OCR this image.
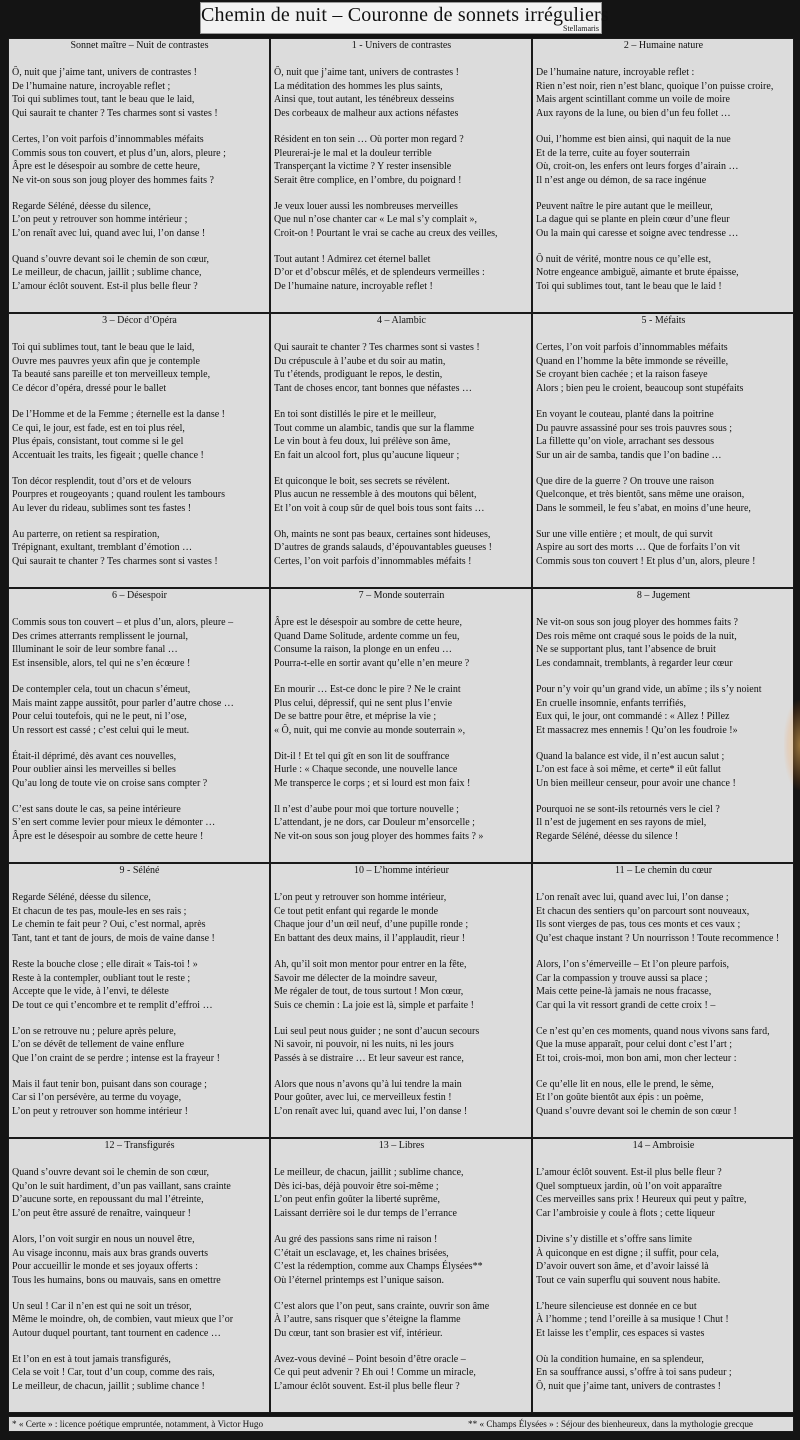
Chemin de nuit – Couronne de sonnets irréguliers
Stellamaris
Sonnet maître – Nuit de contrastes
Ô, nuit que j’aime tant, univers de contrastes !
De l’humaine nature, incroyable reflet ;
Toi qui sublimes tout, tant le beau que le laid,
Qui saurait te chanter ? Tes charmes sont si vastes !
Certes, l’on voit parfois d’innommables méfaits
Commis sous ton couvert, et plus d’un, alors, pleure ;
Âpre est le désespoir au sombre de cette heure,
Ne vit-on sous son joug ployer des hommes faits ?
Regarde Séléné, déesse du silence,
L’on peut y retrouver son homme intérieur ;
L’on renaît avec lui, quand avec lui, l’on danse !
Quand s’ouvre devant soi le chemin de son cœur,
Le meilleur, de chacun, jaillit ; sublime chance,
L’amour éclôt souvent. Est-il plus belle fleur ?
1 - Univers de contrastes
Ô, nuit que j’aime tant, univers de contrastes !
La méditation des hommes les plus saints,
Ainsi que, tout autant, les ténébreux desseins
Des corbeaux de malheur aux actions néfastes
Résident en ton sein … Où porter mon regard ?
Pleurerai-je le mal et la douleur terrible
Transperçant la victime ? Y rester insensible
Serait être complice, en l’ombre, du poignard !
Je veux louer aussi les nombreuses merveilles
Que nul n’ose chanter car « Le mal s’y complait »,
Croit-on ! Pourtant le vrai se cache au creux des veilles,
Tout autant ! Admirez cet éternel ballet
D’or et d’obscur mêlés, et de splendeurs vermeilles :
De l’humaine nature, incroyable reflet !
2 – Humaine nature
De l’humaine nature, incroyable reflet :
Rien n’est noir, rien n’est blanc, quoique l’on puisse croire,
Mais argent scintillant comme un voile de moire
Aux rayons de la lune, ou bien d’un feu follet …
Oui, l’homme est bien ainsi, qui naquit de la nue
Et de la terre, cuite au foyer souterrain
Où, croit-on, les enfers ont leurs forges d’airain …
Il n’est ange ou démon, de sa race ingénue
Peuvent naître le pire autant que le meilleur,
La dague qui se plante en plein cœur d’une fleur
Ou la main qui caresse et soigne avec tendresse …
Ô nuit de vérité, montre nous ce qu’elle est,
Notre engeance ambiguë, aimante et brute épaisse,
Toi qui sublimes tout, tant le beau que le laid !
3 – Décor d’Opéra
Toi qui sublimes tout, tant le beau que le laid,
Ouvre mes pauvres yeux afin que je contemple
Ta beauté sans pareille et ton merveilleux temple,
Ce décor d’opéra, dressé pour le ballet
De l’Homme et de la Femme ; éternelle est la danse !
Ce qui, le jour, est fade, est en toi plus réel,
Plus épais, consistant, tout comme si le gel
Accentuait les traits, les figeait ; quelle chance !
Ton décor resplendit, tout d’ors et de velours
Pourpres et rougeoyants ; quand roulent les tambours
Au lever du rideau, sublimes sont tes fastes !
Au parterre, on retient sa respiration,
Trépignant, exultant, tremblant d’émotion …
Qui saurait te chanter ? Tes charmes sont si vastes !
4 – Alambic
Qui saurait te chanter ? Tes charmes sont si vastes !
Du crépuscule à l’aube et du soir au matin,
Tu t’étends, prodiguant le repos, le destin,
Tant de choses encor, tant bonnes que néfastes …
En toi sont distillés le pire et le meilleur,
Tout comme un alambic, tandis que sur la flamme
Le vin bout à feu doux, lui prélève son âme,
En fait un alcool fort, plus qu’aucune liqueur ;
Et quiconque le boit, ses secrets se révèlent.
Plus aucun ne ressemble à des moutons qui bêlent,
Et l’on voit à coup sûr de quel bois tous sont faits …
Oh, maints ne sont pas beaux, certaines sont hideuses,
D’autres de grands salauds, d’épouvantables gueuses !
Certes, l’on voit parfois d’innommables méfaits !
5 - Méfaits
Certes, l’on voit parfois d’innommables méfaits
Quand en l’homme la bête immonde se réveille,
Se croyant bien cachée ; et la raison faseye
Alors ; bien peu le croient, beaucoup sont stupéfaits
En voyant le couteau, planté dans la poitrine
Du pauvre assassiné pour ses trois pauvres sous ;
La fillette qu’on viole, arrachant ses dessous
Sur un air de samba, tandis que l’on badine …
Que dire de la guerre ? On trouve une raison
Quelconque, et très bientôt, sans même une oraison,
Dans le sommeil, le feu s’abat, en moins d’une heure,
Sur une ville entière ; et moult, de qui survit
Aspire au sort des morts … Que de forfaits l’on vit
Commis sous ton couvert ! Et plus d’un, alors, pleure !
6 – Désespoir
Commis sous ton couvert – et plus d’un, alors, pleure –
Des crimes atterrants remplissent le journal,
Illuminant le soir de leur sombre fanal …
Est insensible, alors, tel qui ne s’en écœure !
De contempler cela, tout un chacun s’émeut,
Mais maint zappe aussitôt, pour parler d’autre chose …
Pour celui toutefois, qui ne le peut, ni l’ose,
Un ressort est cassé ; c’est celui qui le meut.
Était-il déprimé, dès avant ces nouvelles,
Pour oublier ainsi les merveilles si belles
Qu’au long de toute vie on croise sans compter ?
C’est sans doute le cas, sa peine intérieure
S’en sert comme levier pour mieux le démonter …
Âpre est le désespoir au sombre de cette heure !
7 – Monde souterrain
Âpre est le désespoir au sombre de cette heure,
Quand Dame Solitude, ardente comme un feu,
Consume la raison, la plonge en un enfeu …
Pourra-t-elle en sortir avant qu’elle n’en meure ?
En mourir … Est-ce donc le pire ? Ne le craint
Plus celui, dépressif, qui ne sent plus l’envie
De se battre pour être, et méprise la vie ;
« Ô, nuit, qui me convie au monde souterrain »,
Dit-il ! Et tel qui gît en son lit de souffrance
Hurle : « Chaque seconde, une nouvelle lance
Me transperce le corps ; et si lourd est mon faix !
Il n’est d’aube pour moi que torture nouvelle ;
L’attendant, je ne dors, car Douleur m’ensorcelle ;
Ne vit-on sous son joug ployer des hommes faits ? »
8 – Jugement
Ne vit-on sous son joug ployer des hommes faits ?
Des rois même ont craqué sous le poids de la nuit,
Ne se supportant plus, tant l’absence de bruit
Les condamnait, tremblants, à regarder leur cœur
Pour n’y voir qu’un grand vide, un abîme ; ils s’y noient
En cruelle insomnie, enfants terrifiés,
Eux qui, le jour, ont commandé : « Allez ! Pillez
Et massacrez mes ennemis ! Qu’on les foudroie !»
Quand la balance est vide, il n’est aucun salut ;
L’on est face à soi même, et certe* il eût fallut
Un bien meilleur censeur, pour avoir une chance !
Pourquoi ne se sont-ils retournés vers le ciel ?
Il n’est de jugement en ses rayons de miel,
Regarde Séléné, déesse du silence !
9 - Séléné
Regarde Séléné, déesse du silence,
Et chacun de tes pas, moule-les en ses rais ;
Le chemin te fait peur ? Oui, c’est normal, après
Tant, tant et tant de jours, de mois de vaine danse !
Reste la bouche close ; elle dirait « Tais-toi ! »
Reste à la contempler, oubliant tout le reste ;
Accepte que le vide, à l’envi, te déleste
De tout ce qui t’encombre et te remplit d’effroi …
L’on se retrouve nu ; pelure après pelure,
L’on se dévêt de tellement de vaine enflure
Que l’on craint de se perdre ; intense est la frayeur !
Mais il faut tenir bon, puisant dans son courage ;
Car si l’on persévère, au terme du voyage,
L’on peut y retrouver son homme intérieur !
10 – L’homme intérieur
L’on peut y retrouver son homme intérieur,
Ce tout petit enfant qui regarde le monde
Chaque jour d’un œil neuf, d’une pupille ronde ;
En battant des deux mains, il l’applaudit, rieur !
Ah, qu’il soit mon mentor pour entrer en la fête,
Savoir me délecter de la moindre saveur,
Me régaler de tout, de tous surtout ! Mon cœur,
Suis ce chemin : La joie est là, simple et parfaite !
Lui seul peut nous guider ; ne sont d’aucun secours
Ni savoir, ni pouvoir, ni les nuits, ni les jours
Passés à se distraire … Et leur saveur est rance,
Alors que nous n’avons qu’à lui tendre la main
Pour goûter, avec lui, ce merveilleux festin !
L’on renaît avec lui, quand avec lui, l’on danse !
11 – Le chemin du cœur
L’on renaît avec lui, quand avec lui, l’on danse ;
Et chacun des sentiers qu’on parcourt sont nouveaux,
Ils sont vierges de pas, tous ces monts et ces vaux ;
Qu’est chaque instant ? Un nourrisson ! Toute recommence !
Alors, l’on s’émerveille – Et l’on pleure parfois,
Car la compassion y trouve aussi sa place ;
Mais cette peine-là jamais ne nous fracasse,
Car qui la vit ressort grandi de cette croix ! –
Ce n’est qu’en ces moments, quand nous vivons sans fard,
Que la muse apparaît, pour celui dont c’est l’art ;
Et toi, crois-moi, mon bon ami, mon cher lecteur :
Ce qu’elle lit en nous, elle le prend, le sème,
Et l’on goûte bientôt aux épis : un poème,
Quand s’ouvre devant soi le chemin de son cœur !
12 – Transfigurés
Quand s’ouvre devant soi le chemin de son cœur,
Qu’on le suit hardiment, d’un pas vaillant, sans crainte
D’aucune sorte, en repoussant du mal l’étreinte,
L’on peut être assuré de renaître, vainqueur !
Alors, l’on voit surgir en nous un nouvel être,
Au visage inconnu, mais aux bras grands ouverts
Pour accueillir le monde et ses joyaux offerts :
Tous les humains, bons ou mauvais, sans en omettre
Un seul ! Car il n’en est qui ne soit un trésor,
Même le moindre, oh, de combien, vaut mieux que l’or
Autour duquel pourtant, tant tournent en cadence …
Et l’on en est à tout jamais transfigurés,
Cela se voit ! Car, tout d’un coup, comme des rais,
Le meilleur, de chacun, jaillit ; sublime chance !
13 – Libres
Le meilleur, de chacun, jaillit ; sublime chance,
Dès ici-bas, déjà pouvoir être soi-même ;
L’on peut enfin goûter la liberté suprême,
Laissant derrière soi le dur temps de l’errance
Au gré des passions sans rime ni raison !
C’était un esclavage, et, les chaines brisées,
C’est la rédemption, comme aux Champs Élysées**
Où l’éternel printemps est l’unique saison.
C’est alors que l’on peut, sans crainte, ouvrir son âme
À l’autre, sans risquer que s’éteigne la flamme
Du cœur, tant son brasier est vif, intérieur.
Avez-vous deviné – Point besoin d’être oracle –
Ce qui peut advenir ? Eh oui ! Comme un miracle,
L’amour éclôt souvent. Est-il plus belle fleur ?
14 – Ambroisie
L’amour éclôt souvent. Est-il plus belle fleur ?
Quel somptueux jardin, où l’on voit apparaître
Ces merveilles sans prix ! Heureux qui peut y paître,
Car l’ambroisie y coule à flots ; cette liqueur
Divine s’y distille et s’offre sans limite
À quiconque en est digne ; il suffit, pour cela,
D’avoir ouvert son âme, et d’avoir laissé là
Tout ce vain superflu qui souvent nous habite.
L’heure silencieuse est donnée en ce but
À l’homme ; tend l’oreille à sa musique ! Chut !
Et laisse les t’emplir, ces espaces si vastes
Où la condition humaine, en sa splendeur,
En sa souffrance aussi, s’offre à toi sans pudeur ;
Ô, nuit que j’aime tant, univers de contrastes !
* « Certe » : licence poétique empruntée, notamment, à Victor Hugo	** « Champs Élysées » : Séjour des bienheureux, dans la mythologie grecque
